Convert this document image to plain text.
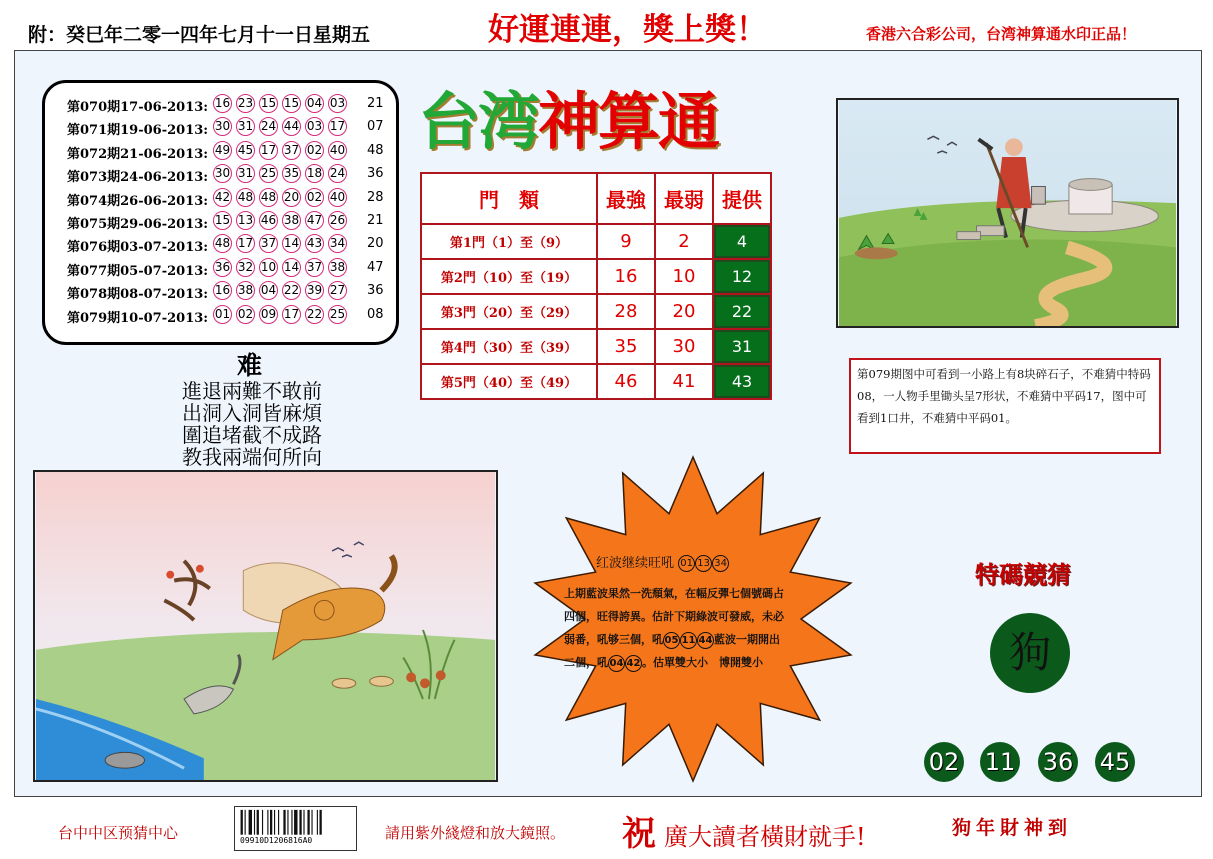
附：癸巳年二零一四年七月十一日星期五	好運連連，獎上獎！	香港六合彩公司，台湾神算通水印正品！
第070期17-06-2013: 16 23 15 15 04 03 21
第071期19-06-2013: 30 31 24 44 03 17 07
第072期21-06-2013: 49 45 17 37 02 40 48
第073期24-06-2013: 30 31 25 35 18 24 36
第074期26-06-2013: 42 48 48 20 02 40 28
第075期29-06-2013: 15 13 46 38 47 26 21
第076期03-07-2013: 48 17 37 14 43 34 20
第077期05-07-2013: 36 32 10 14 37 38 47
第078期08-07-2013: 16 38 04 22 39 27 36
第079期10-07-2013: 01 02 09 17 22 25 08
难
進退兩難不敢前
出洞入洞皆麻煩
圍追堵截不成路
教我兩端何所向
台湾神算通
門　類	最強	最弱	提供
第1門（1）至（9）	9	2	4
第2門（10）至（19）	16	10	12
第3門（20）至（29）	28	20	22
第4門（30）至（39）	35	30	31
第5門（40）至（49）	46	41	43	第079期图中可看到一小路上有8块碎石子，不难猜中特码08，一人物手里锄头呈7形状，不难猜中平码17，图中可看到1口井，不难猜中平码01。
红波继续旺吼 01 13 34
上期藍波果然一洗頹氣，在幅反彈七個號碼占
四個，旺得誇異。估計下期綠波可發威，未必
弱番，吼够三個，吼 05 11 44 藍波一期開出
二個，吼 04 42 。估單雙大小　博開雙小
特碼競猜
狗
02 11 36 45
台中中区预猜中心	09910D1206816A0	請用紫外綫燈和放大鏡照。 祝 廣大讀者橫財就手!	狗年財神到
